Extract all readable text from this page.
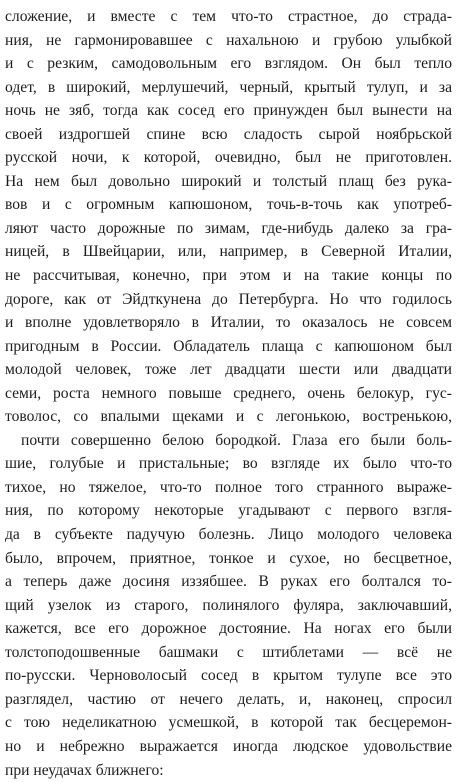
сложение, и вместе с тем что-то страстное, до страда-
ния, не гармонировавшее с нахальною и грубою улыбкой
и с резким, самодовольным его взглядом. Он был тепло
одет, в широкий, мерлушечий, черный, крытый тулуп, и за
ночь не зяб, тогда как сосед его принужден был вынести на
своей издрогшей спине всю сладость сырой ноябрьской
русской ночи, к которой, очевидно, был не приготовлен.
На нем был довольно широкий и толстый плащ без рука-
вов и с огромным капюшоном, точь-в-точь как употреб-
ляют часто дорожные по зимам, где-нибудь далеко за гра-
ницей, в Швейцарии, или, например, в Северной Италии,
не рассчитывая, конечно, при этом и на такие концы по
дороге, как от Эйдткунена до Петербурга. Но что годилось
и вполне удовлетворяло в Италии, то оказалось не совсем
пригодным в России. Обладатель плаща с капюшоном был
молодой человек, тоже лет двадцати шести или двадцати
семи, роста немного повыше среднего, очень белокур, гус-
товолос, со впалыми щеками и с легонькою, востренькою,
почти совершенно белою бородкой. Глаза его были боль-
шие, голубые и пристальные; во взгляде их было что-то
тихое, но тяжелое, что-то полное того странного выраже-
ния, по которому некоторые угадывают с первого взгля-
да в субъекте падучую болезнь. Лицо молодого человека
было, впрочем, приятное, тонкое и сухое, но бесцветное,
а теперь даже досиня иззябшее. В руках его болтался то-
щий узелок из старого, полинялого фуляра, заключавший,
кажется, все его дорожное достояние. На ногах его были
толстоподошвенные башмаки с штиблетами — всё не
по-русски. Черноволосый сосед в крытом тулупе все это
разглядел, частию от нечего делать, и, наконец, спросил
с тою неделикатною усмешкой, в которой так бесцеремон-
но и небрежно выражается иногда людское удовольствие
при неудачах ближнего:
